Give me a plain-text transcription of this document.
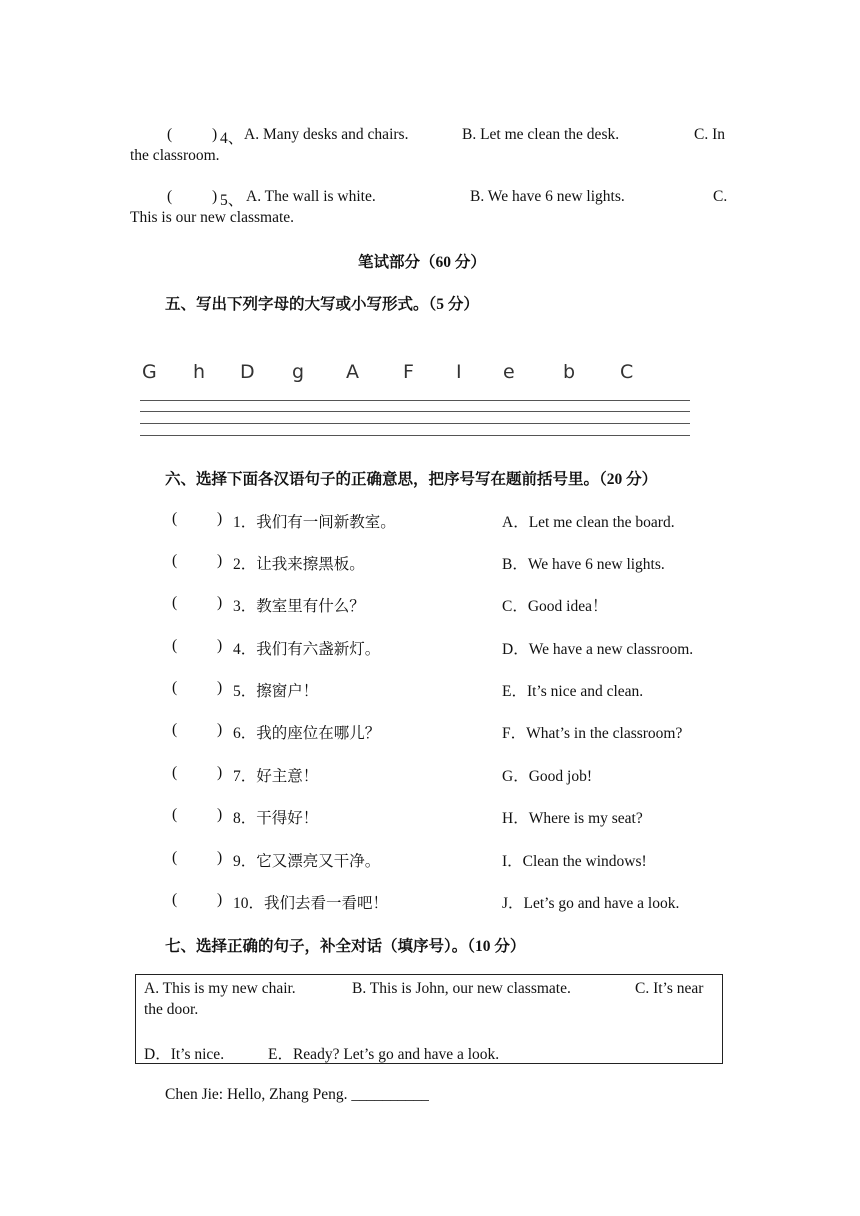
(	) 4、 A. Many desks and chairs.	B. Let me clean the desk.	C. In
the classroom.
(	) 5、 A. The wall is white.	B. We have 6 new lights.	C.
This is our new classmate.
笔试部分（60 分）
五、写出下列字母的大写或小写形式。（5 分）
G h D g A F I e	b C
六、选择下面各汉语句子的正确意思，把序号写在题前括号里。（20 分）
(	) 1．我们有一间新教室。	A．Let me clean the board.
(	) 2．让我来擦黑板。	B．We have 6 new lights.
(	) 3．教室里有什么？	C．Good idea！
(	) 4．我们有六盏新灯。	D．We have a new classroom.
(	) 5．擦窗户！	E．It’s nice and clean.
(	) 6．我的座位在哪儿？	F．What’s in the classroom?
(	) 7．好主意！	G．Good job!
(	) 8．干得好！	H．Where is my seat?
(	) 9．它又漂亮又干净。	I．Clean the windows!
(	) 10．我们去看一看吧！	J．Let’s go and have a look.
七、选择正确的句子，补全对话（填序号）。（10 分）
A. This is my new chair.	B. This is John, our new classmate.	C. It’s near
the door.
D．It’s nice.	E．Ready? Let’s go and have a look.
Chen Jie: Hello, Zhang Peng. __________
